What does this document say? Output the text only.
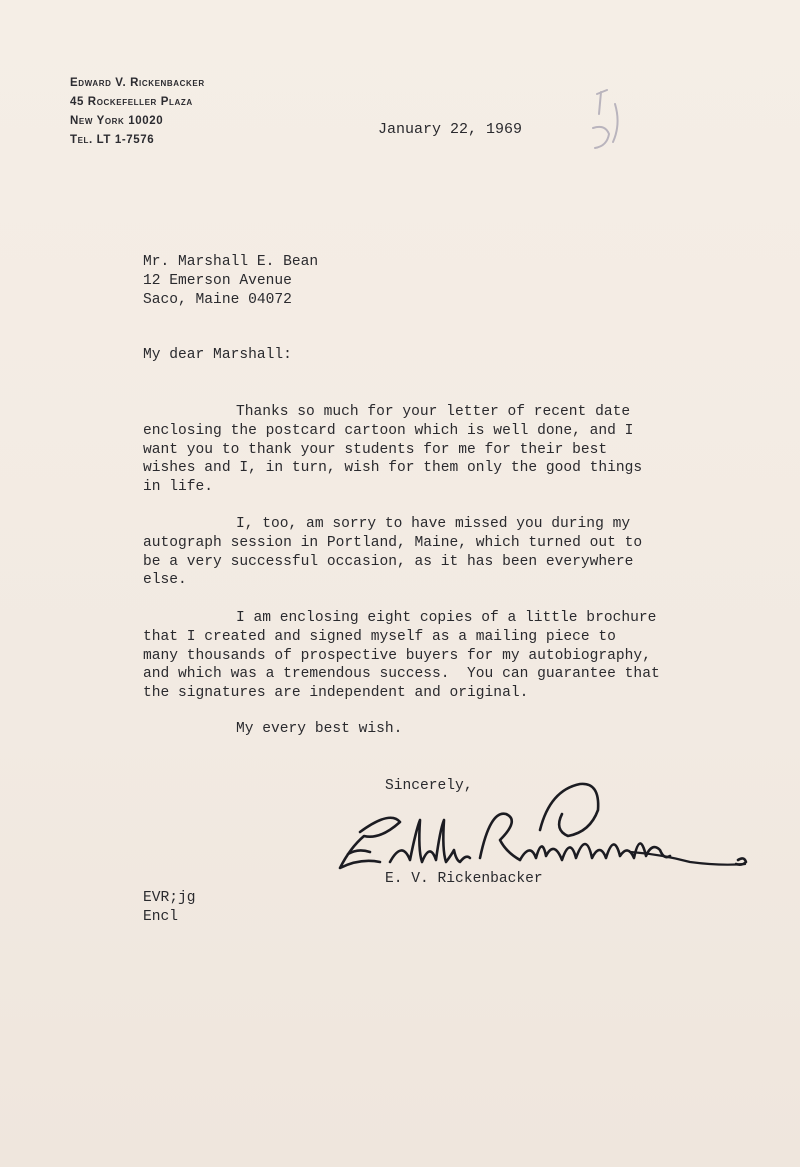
Edward V. Rickenbacker
45 Rockefeller Plaza
New York 10020
Tel. LT 1-7576
January 22, 1969
Mr. Marshall E. Bean
12 Emerson Avenue
Saco, Maine 04072
My dear Marshall:
Thanks so much for your letter of recent date
enclosing the postcard cartoon which is well done, and I
want you to thank your students for me for their best
wishes and I, in turn, wish for them only the good things
in life.
I, too, am sorry to have missed you during my
autograph session in Portland, Maine, which turned out to
be a very successful occasion, as it has been everywhere
else.
I am enclosing eight copies of a little brochure
that I created and signed myself as a mailing piece to
many thousands of prospective buyers for my autobiography,
and which was a tremendous success.  You can guarantee that
the signatures are independent and original.
My every best wish.
Sincerely,
E. V. Rickenbacker
EVR;jg
Encl
